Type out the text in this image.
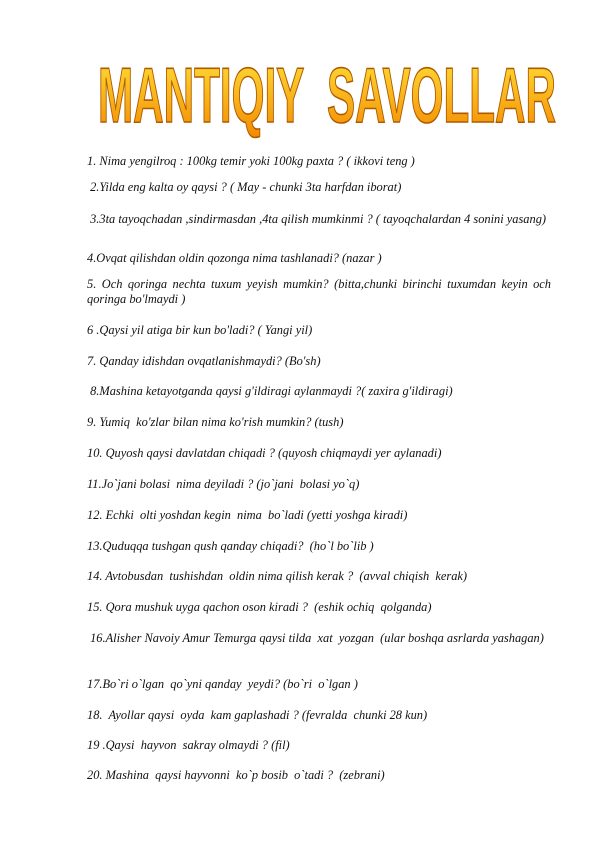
MANTIQIY  SAVOLLAR
1. Nima yengilroq : 100kg temir yoki 100kg paxta ? ( ikkovi teng )
2.Yilda eng kalta oy qaysi ? ( May - chunki 3ta harfdan iborat)
3.3ta tayoqchadan ,sindirmasdan ,4ta qilish mumkinmi ? ( tayoqchalardan 4 sonini yasang)
4.Ovqat qilishdan oldin qozonga nima tashlanadi? (nazar )
5. Och qoringa nechta tuxum yeyish mumkin? (bitta,chunki birinchi tuxumdan keyin och qoringa bo'lmaydi )
6 .Qaysi yil atiga bir kun bo'ladi? ( Yangi yil)
7. Qanday idishdan ovqatlanishmaydi? (Bo'sh)
8.Mashina ketayotganda qaysi g'ildiragi aylanmaydi ?( zaxira g'ildiragi)
9. Yumiq  ko'zlar bilan nima ko'rish mumkin? (tush)
10. Quyosh qaysi davlatdan chiqadi ? (quyosh chiqmaydi yer aylanadi)
11.Jo`jani bolasi  nima deyiladi ? (jo`jani  bolasi yo`q)
12. Echki  olti yoshdan kegin  nima  bo`ladi (yetti yoshga kiradi)
13.Quduqqa tushgan qush qanday chiqadi?  (ho`l bo`lib )
14. Avtobusdan  tushishdan  oldin nima qilish kerak ?  (avval chiqish  kerak)
15. Qora mushuk uyga qachon oson kiradi ?  (eshik ochiq  qolganda)
16.Alisher Navoiy Amur Temurga qaysi tilda  xat  yozgan  (ular boshqa asrlarda yashagan)
17.Bo`ri o`lgan  qo`yni qanday  yeydi? (bo`ri  o`lgan )
18.  Ayollar qaysi  oyda  kam gaplashadi ? (fevralda  chunki 28 kun)
19 .Qaysi  hayvon  sakray olmaydi ? (fil)
20. Mashina  qaysi hayvonni  ko`p bosib  o`tadi ?  (zebrani)
